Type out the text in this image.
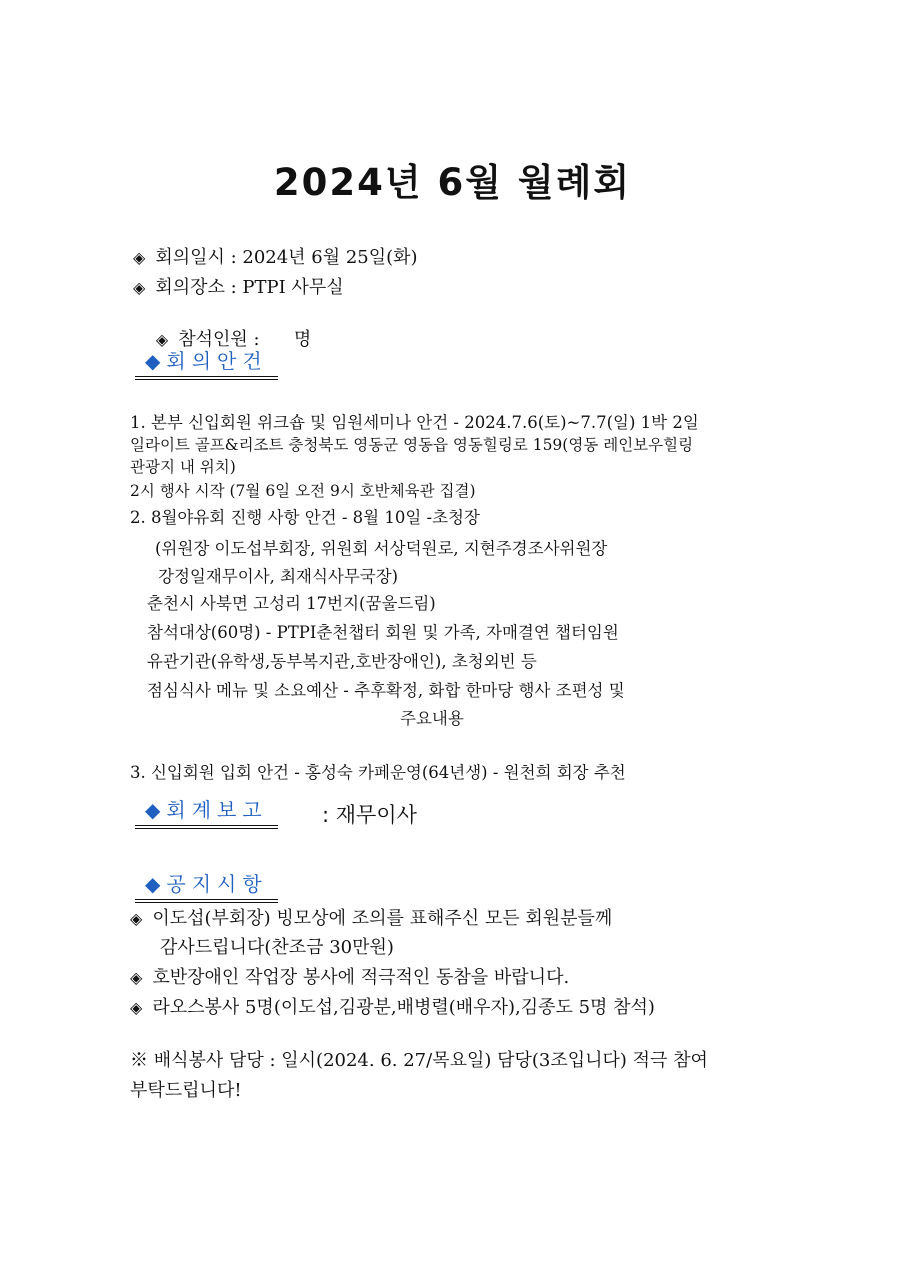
2024년 6월 월례회
◈ 회의일시 : 2024년 6월 25일(화)
◈ 회의장소 : PTPI 사무실

◈ 참석인원 :      명

◆ 회의안건
1. 본부 신입회원 위크숍 및 임원세미나 안건 - 2024.7.6(토)~7.7(일) 1박 2일
일라이트 골프&리조트 충청북도 영동군 영동읍 영동힐링로 159(영동 레인보우힐링
관광지 내 위치)
2시 행사 시작 (7월 6일 오전 9시 호반체육관 집결)
2. 8월야유회 진행 사항 안건 - 8월 10일 -초청장
(위원장 이도섭부회장, 위원회 서상덕원로, 지현주경조사위원장
강정일재무이사, 최재식사무국장)
춘천시 사북면 고성리 17번지(꿈울드림)
참석대상(60명) - PTPI춘천챕터 회원 및 가족, 자매결연 챕터임원
유관기관(유학생,동부복지관,호반장애인), 초청외빈 등
점심식사 메뉴 및 소요예산 - 추후확정, 화합 한마당 행사 조편성 및
주요내용
3. 신입회원 입회 안건 - 홍성숙 카페운영(64년생) - 원천희 회장 추천
◆ 회계보고	: 재무이사
◆ 공지시항
◈ 이도섭(부회장) 빙모상에 조의를 표해주신 모든 회원분들께
감사드립니다(찬조금 30만원)
◈ 호반장애인 작업장 봉사에 적극적인 동참을 바랍니다.
◈ 라오스봉사 5명(이도섭,김광분,배병렬(배우자),김종도 5명 참석)
※ 배식봉사 담당 : 일시(2024. 6. 27/목요일) 담당(3조입니다) 적극 참여
부탁드립니다!
